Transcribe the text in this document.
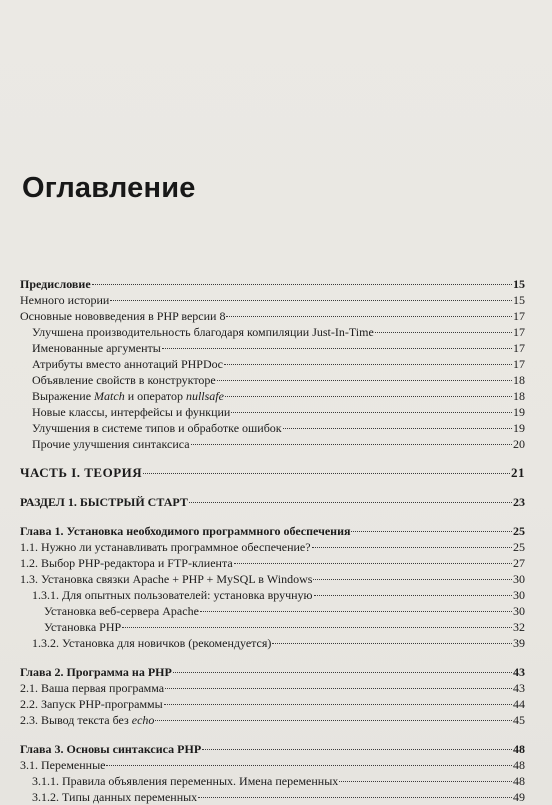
Оглавление
Предисловие	15
Немного истории	15
Основные нововведения в PHP версии 8	17
Улучшена производительность благодаря компиляции Just-In-Time	17
Именованные аргументы	17
Атрибуты вместо аннотаций PHPDoc	17
Объявление свойств в конструкторе	18
Выражение Match и оператор nullsafe	18
Новые классы, интерфейсы и функции	19
Улучшения в системе типов и обработке ошибок	19
Прочие улучшения синтаксиса	20
ЧАСТЬ I. ТЕОРИЯ	21
РАЗДЕЛ 1. БЫСТРЫЙ СТАРТ	23
Глава 1. Установка необходимого программного обеспечения	25
1.1. Нужно ли устанавливать программное обеспечение?	25
1.2. Выбор PHP-редактора и FTP-клиента	27
1.3. Установка связки Apache + PHP + MySQL в Windows	30
1.3.1. Для опытных пользователей: установка вручную	30
Установка веб-сервера Apache	30
Установка PHP	32
1.3.2. Установка для новичков (рекомендуется)	39
Глава 2. Программа на PHP	43
2.1. Ваша первая программа	43
2.2. Запуск PHP-программы	44
2.3. Вывод текста без echo	45
Глава 3. Основы синтаксиса PHP	48
3.1. Переменные	48
3.1.1. Правила объявления переменных. Имена переменных	48
3.1.2. Типы данных переменных	49
